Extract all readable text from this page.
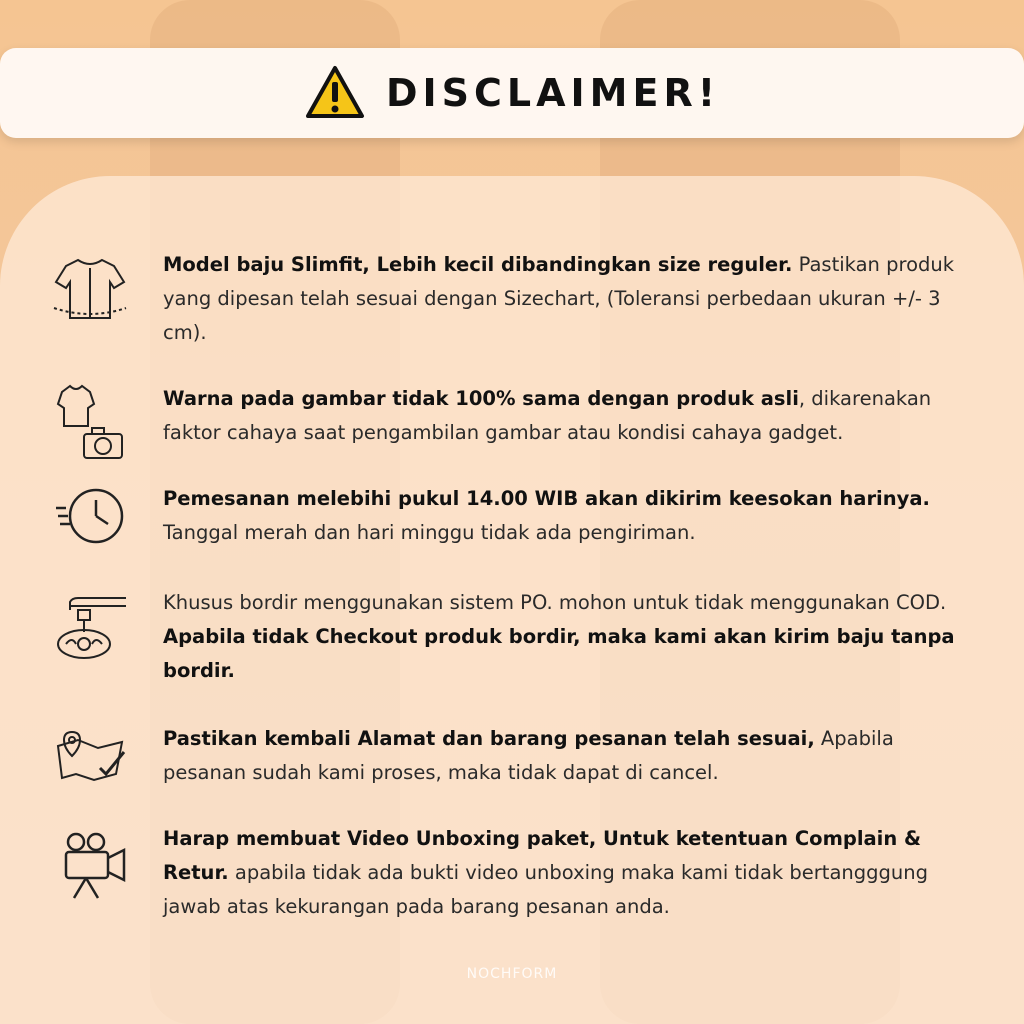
DISCLAIMER!
Model baju Slimfit, Lebih kecil dibandingkan size reguler. Pastikan produk yang dipesan telah sesuai dengan Sizechart, (Toleransi perbedaan ukuran +/- 3 cm).
Warna pada gambar tidak 100% sama dengan produk asli, dikarenakan faktor cahaya saat pengambilan gambar atau kondisi cahaya gadget.
Pemesanan melebihi pukul 14.00 WIB akan dikirim keesokan harinya. Tanggal merah dan hari minggu tidak ada pengiriman.
Khusus bordir menggunakan sistem PO. mohon untuk tidak menggunakan COD. Apabila tidak Checkout produk bordir, maka kami akan kirim baju tanpa bordir.
Pastikan kembali Alamat dan barang pesanan telah sesuai, Apabila pesanan sudah kami proses, maka tidak dapat di cancel.
Harap membuat Video Unboxing paket, Untuk ketentuan Complain & Retur. apabila tidak ada bukti video unboxing maka kami tidak bertangggung jawab atas kekurangan pada barang pesanan anda.
NOCHFORM
